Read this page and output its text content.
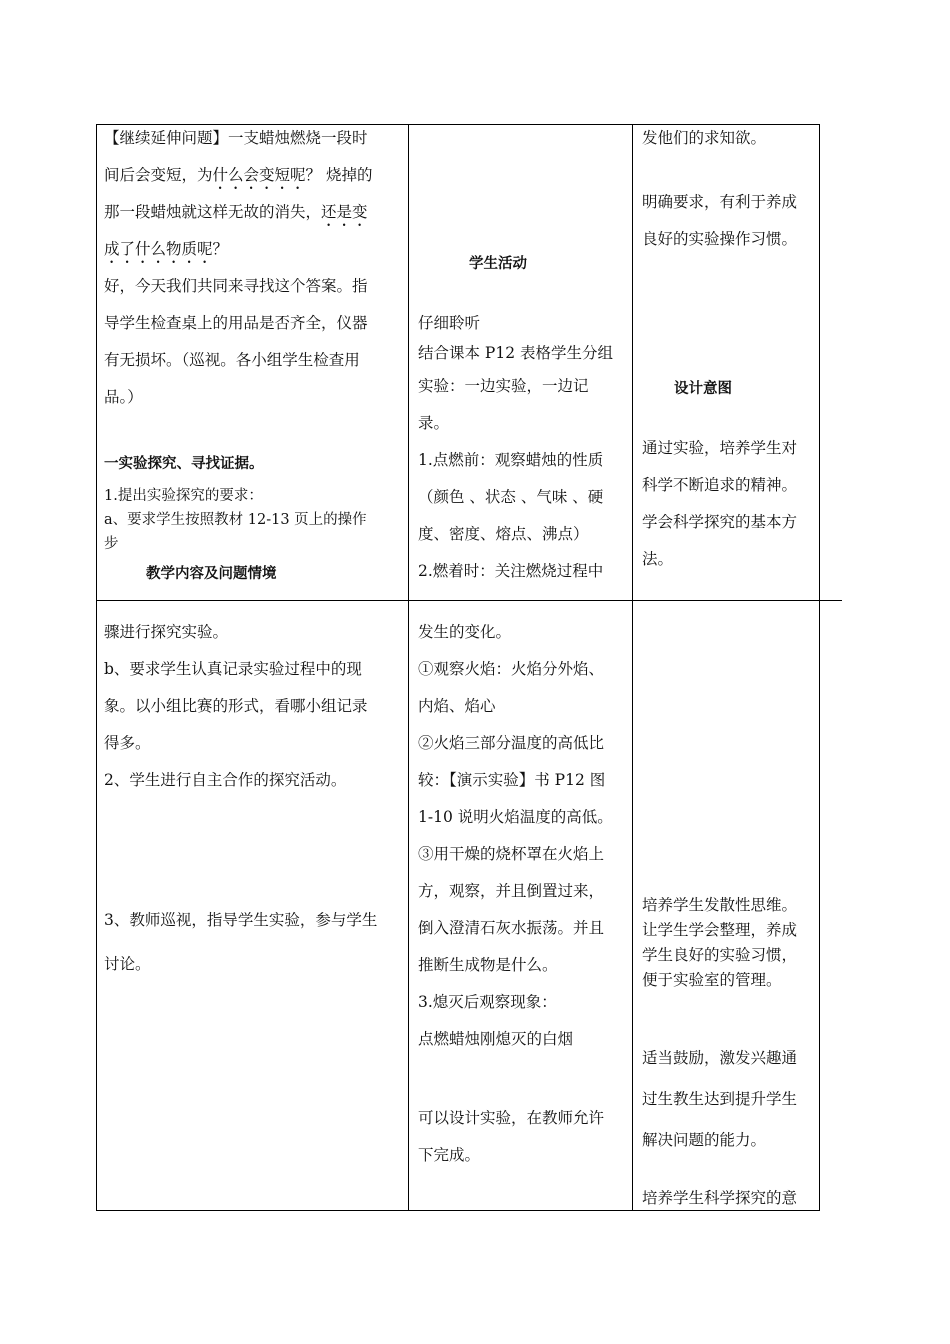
【继续延伸问题】一支蜡烛燃烧一段时

间后会变短，为什么会变短呢？ 烧掉的

那一段蜡烛就这样无故的消失，还是变

成了什么物质呢？

好，今天我们共同来寻找这个答案。指

导学生检查桌上的用品是否齐全，仪器

有无损坏。（巡视。各小组学生检查用

品。）

一实验探究、寻找证据。
1.提出实验探究的要求：
a、要求学生按照教材 12-13 页上的操作
步
教学内容及问题情境

骤进行探究实验。

b、要求学生认真记录实验过程中的现

象。以小组比赛的形式，看哪小组记录

得多。

2、学生进行自主合作的探究活动。

3、教师巡视，指导学生实验，参与学生

讨论。

学生活动

仔细聆听

结合课本 P12 表格学生分组

实验：一边实验，一边记

录。

1.点燃前：观察蜡烛的性质

（颜色 、状态 、气味 、硬

度、密度、熔点、沸点）

2.燃着时：关注燃烧过程中

发生的变化。

①观察火焰：火焰分外焰、

内焰、焰心

②火焰三部分温度的高低比

较：【演示实验】书 P12 图

1-10 说明火焰温度的高低。

③用干燥的烧杯罩在火焰上

方，观察，并且倒置过来，

倒入澄清石灰水振荡。并且

推断生成物是什么。

3.熄灭后观察现象：

点燃蜡烛刚熄灭的白烟

可以设计实验，在教师允许

下完成。

发他们的求知欲。

明确要求，有利于养成

良好的实验操作习惯。

设计意图

通过实验，培养学生对

科学不断追求的精神。

学会科学探究的基本方

法。

培养学生发散性思维。

让学生学会整理，养成

学生良好的实验习惯，

便于实验室的管理。

适当鼓励，激发兴趣通

过生教生达到提升学生

解决问题的能力。

培养学生科学探究的意
